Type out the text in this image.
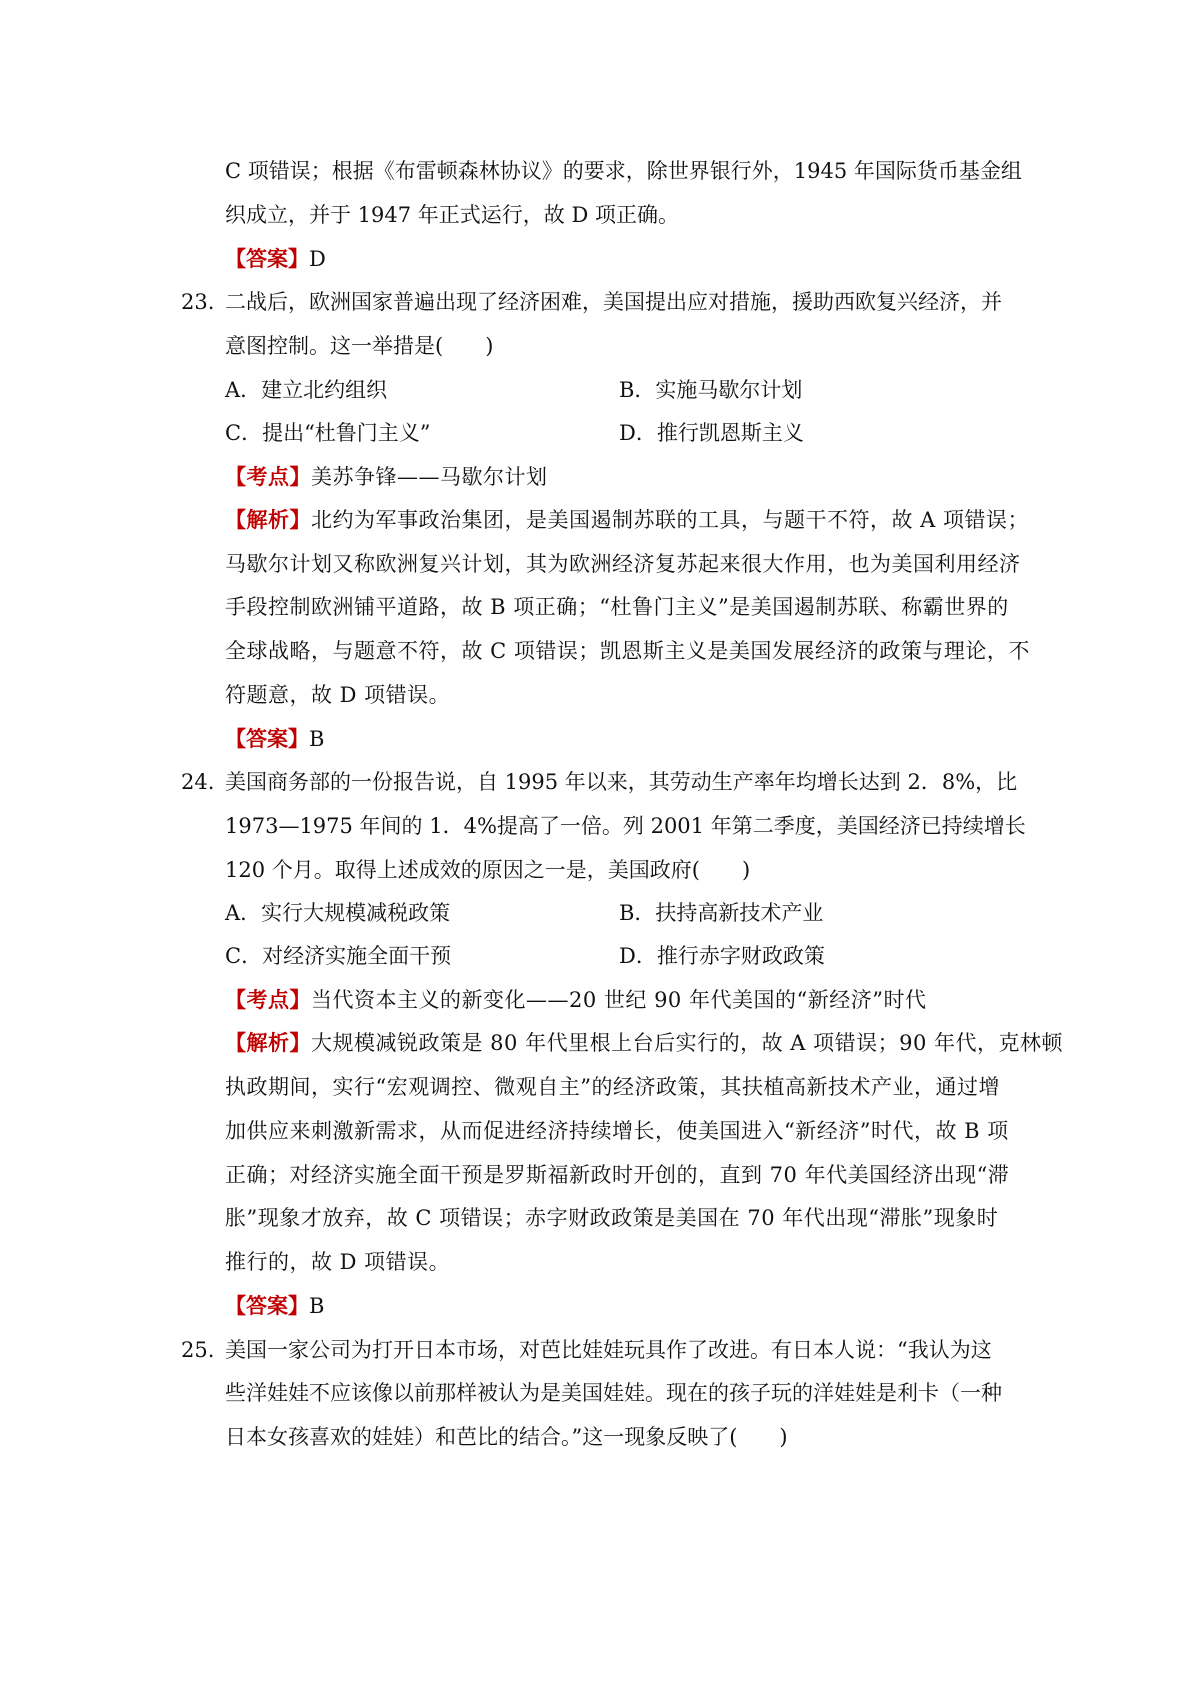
C 项错误；根据《布雷顿森林协议》的要求，除世界银行外，1945 年国际货币基金组
织成立，并于 1947 年正式运行，故 D 项正确。
【答案】D
23. 二战后，欧洲国家普遍出现了经济困难，美国提出应对措施，援助西欧复兴经济，并
意图控制。这一举措是(　　)
A．建立北约组织	B．实施马歇尔计划
C．提出“杜鲁门主义”	D．推行凯恩斯主义
【考点】美苏争锋——马歇尔计划
【解析】北约为军事政治集团，是美国遏制苏联的工具，与题干不符，故 A 项错误；
马歇尔计划又称欧洲复兴计划，其为欧洲经济复苏起来很大作用，也为美国利用经济
手段控制欧洲铺平道路，故 B 项正确；“杜鲁门主义”是美国遏制苏联、称霸世界的
全球战略，与题意不符，故 C 项错误；凯恩斯主义是美国发展经济的政策与理论，不
符题意，故 D 项错误。
【答案】B
24. 美国商务部的一份报告说，自 1995 年以来，其劳动生产率年均增长达到 2．8%，比
1973—1975 年间的 1．4%提高了一倍。列 2001 年第二季度，美国经济已持续增长
120 个月。取得上述成效的原因之一是，美国政府(　　)
A．实行大规模减税政策	B．扶持高新技术产业
C．对经济实施全面干预	D．推行赤字财政政策
【考点】当代资本主义的新变化——20 世纪 90 年代美国的“新经济”时代
【解析】大规模减锐政策是 80 年代里根上台后实行的，故 A 项错误；90 年代，克林顿
执政期间，实行“宏观调控、微观自主”的经济政策，其扶植高新技术产业，通过增
加供应来刺激新需求，从而促进经济持续增长，使美国进入“新经济”时代，故 B 项
正确；对经济实施全面干预是罗斯福新政时开创的，直到 70 年代美国经济出现“滞
胀”现象才放弃，故 C 项错误；赤字财政政策是美国在 70 年代出现“滞胀”现象时
推行的，故 D 项错误。
【答案】B
25. 美国一家公司为打开日本市场，对芭比娃娃玩具作了改进。有日本人说：“我认为这
些洋娃娃不应该像以前那样被认为是美国娃娃。现在的孩子玩的洋娃娃是利卡（一种
日本女孩喜欢的娃娃）和芭比的结合。”这一现象反映了(　　)
